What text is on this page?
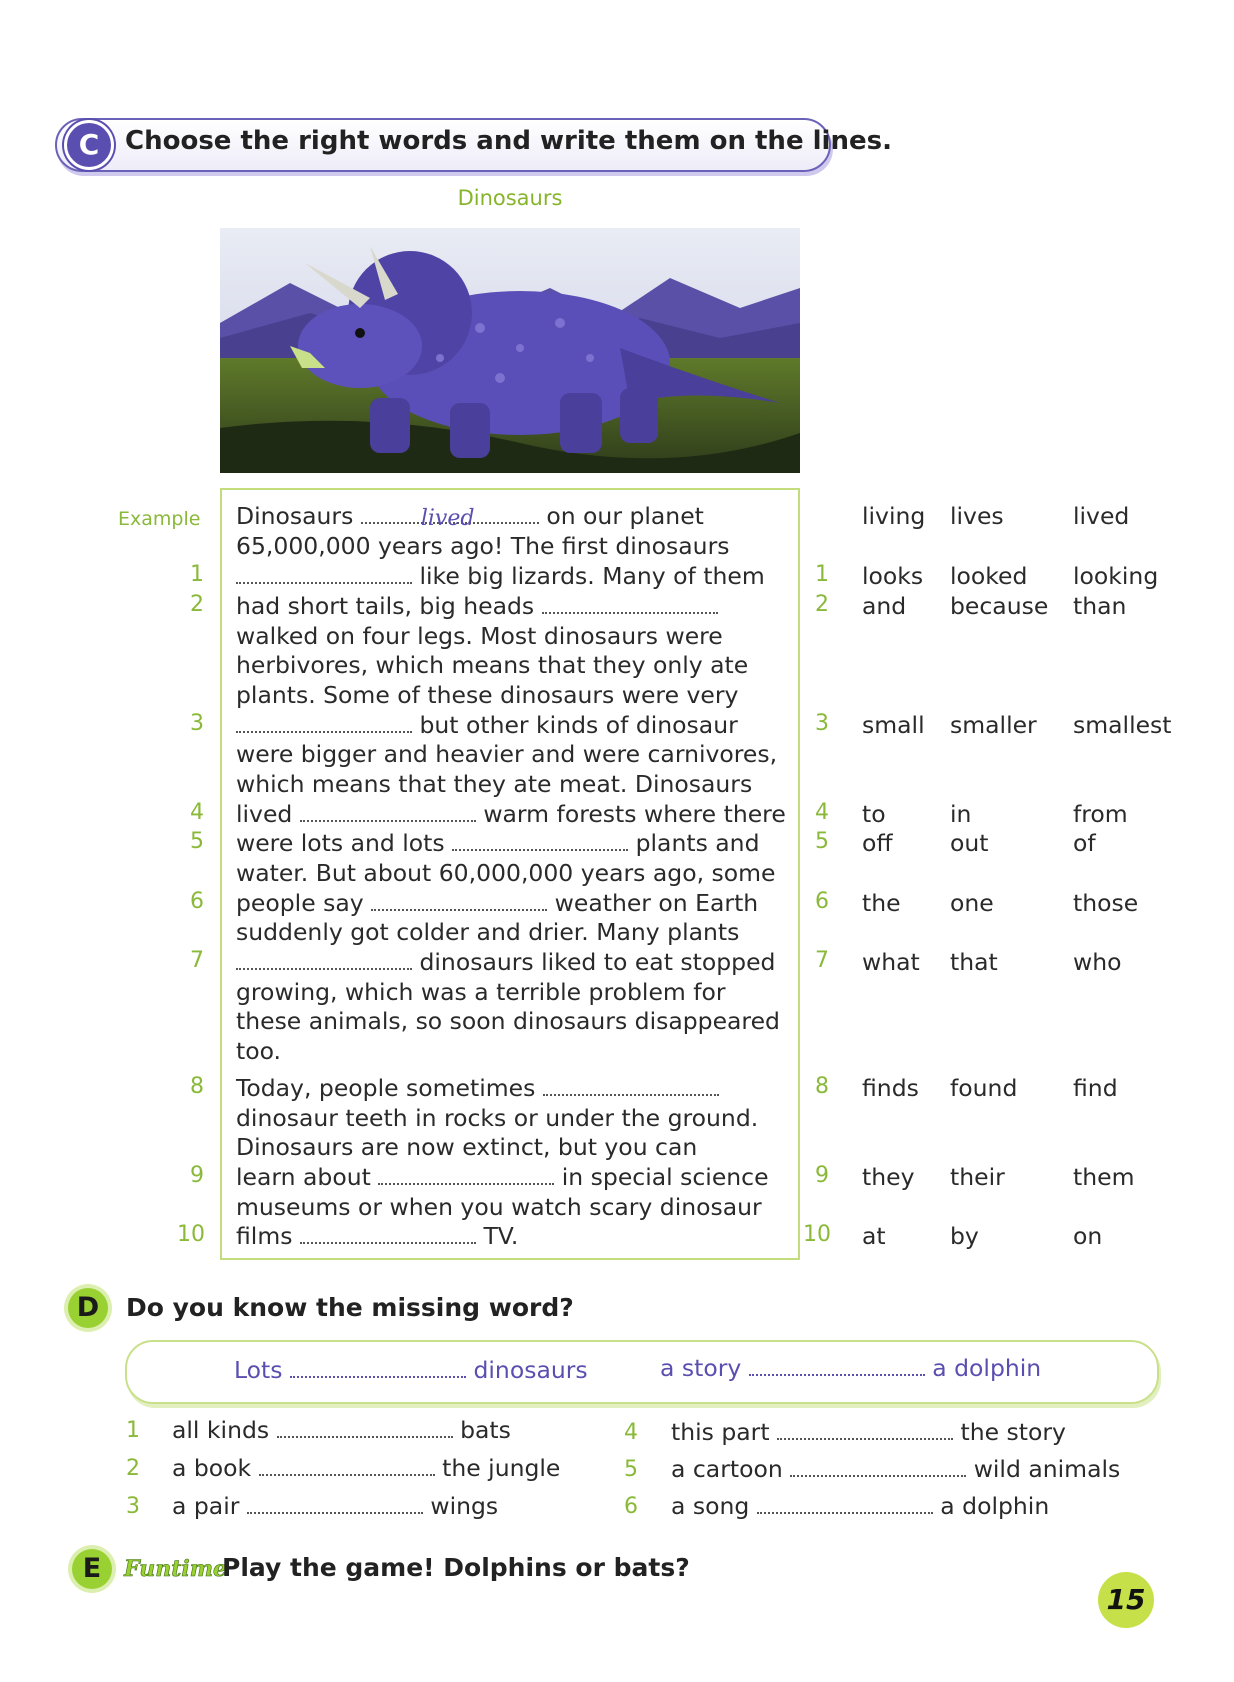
C Choose the right words and write them on the lines.
Dinosaurs
Example Dinosaurs	lived	on our planet
65,000,000 years ago! The first dinosaurs
like big lizards. Many of them
had short tails, big heads
walked on four legs. Most dinosaurs were
herbivores, which means that they only ate
plants. Some of these dinosaurs were very
but other kinds of dinosaur
were bigger and heavier and were carnivores,
which means that they ate meat. Dinosaurs
lived	warm forests where there
were lots and lots	plants and
water. But about 60,000,000 years ago, some
people say	weather on Earth
suddenly got colder and drier. Many plants
dinosaurs liked to eat stopped
growing, which was a terrible problem for
these animals, so soon dinosaurs disappeared
too.
Today, people sometimes
dinosaur teeth in rocks or under the ground.
Dinosaurs are now extinct, but you can
learn about	in special science
museums or when you watch scary dinosaur
films	TV.
1
2
3
4
5
6
7
8
9
10
living lives	lived
1 looks looked looking
2 and because than
3 small smaller smallest
4 to	in	from
5 off out	of
6 the one	those
7 what that	who
8 finds found find
9 they their	them
10 at	by	on
D	Do you know the missing word?
Lots	dinosaurs	a story	a dolphin
1 all kinds	bats
2 a book	the jungle
3 a pair	wings
4 this part	the story
5 a cartoon	wild animals
6 a song	a dolphin
E	Funtime
Play the game! Dolphins or bats?
15
